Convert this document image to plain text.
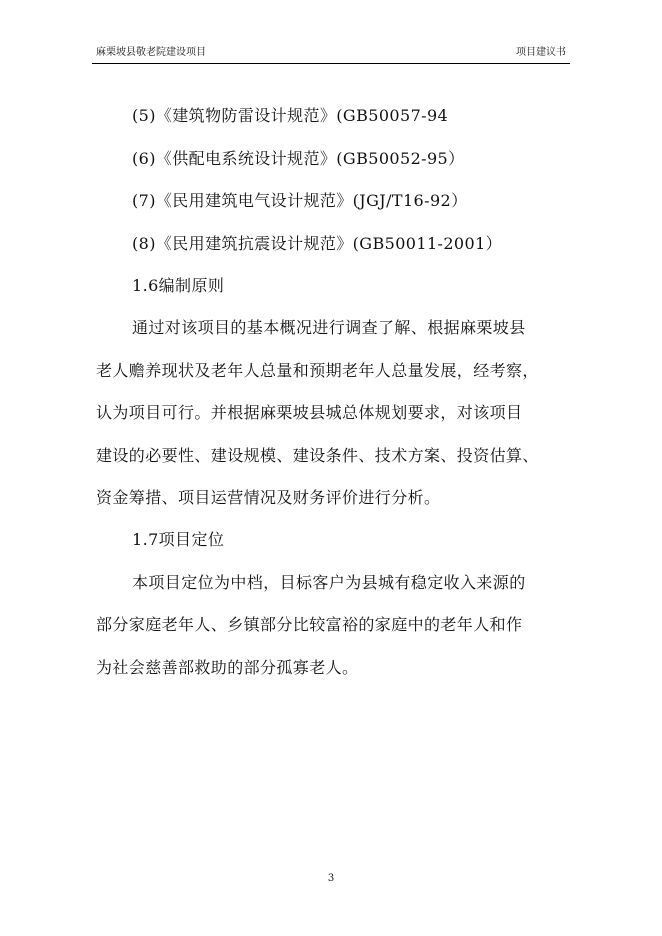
麻栗坡县敬老院建设项目	项目建议书
(5)《建筑物防雷设计规范》(GB50057-94
(6)《供配电系统设计规范》(GB50052-95）
(7)《民用建筑电气设计规范》(JGJ/T16-92）
(8)《民用建筑抗震设计规范》(GB50011-2001）
1.6编制原则
通过对该项目的基本概况进行调查了解、根据麻栗坡县
老人赡养现状及老年人总量和预期老年人总量发展，经考察，
认为项目可行。并根据麻栗坡县城总体规划要求，对该项目
建设的必要性、建设规模、建设条件、技术方案、投资估算、
资金筹措、项目运营情况及财务评价进行分析。
1.7项目定位
本项目定位为中档，目标客户为县城有稳定收入来源的
部分家庭老年人、乡镇部分比较富裕的家庭中的老年人和作
为社会慈善部救助的部分孤寡老人。
3
